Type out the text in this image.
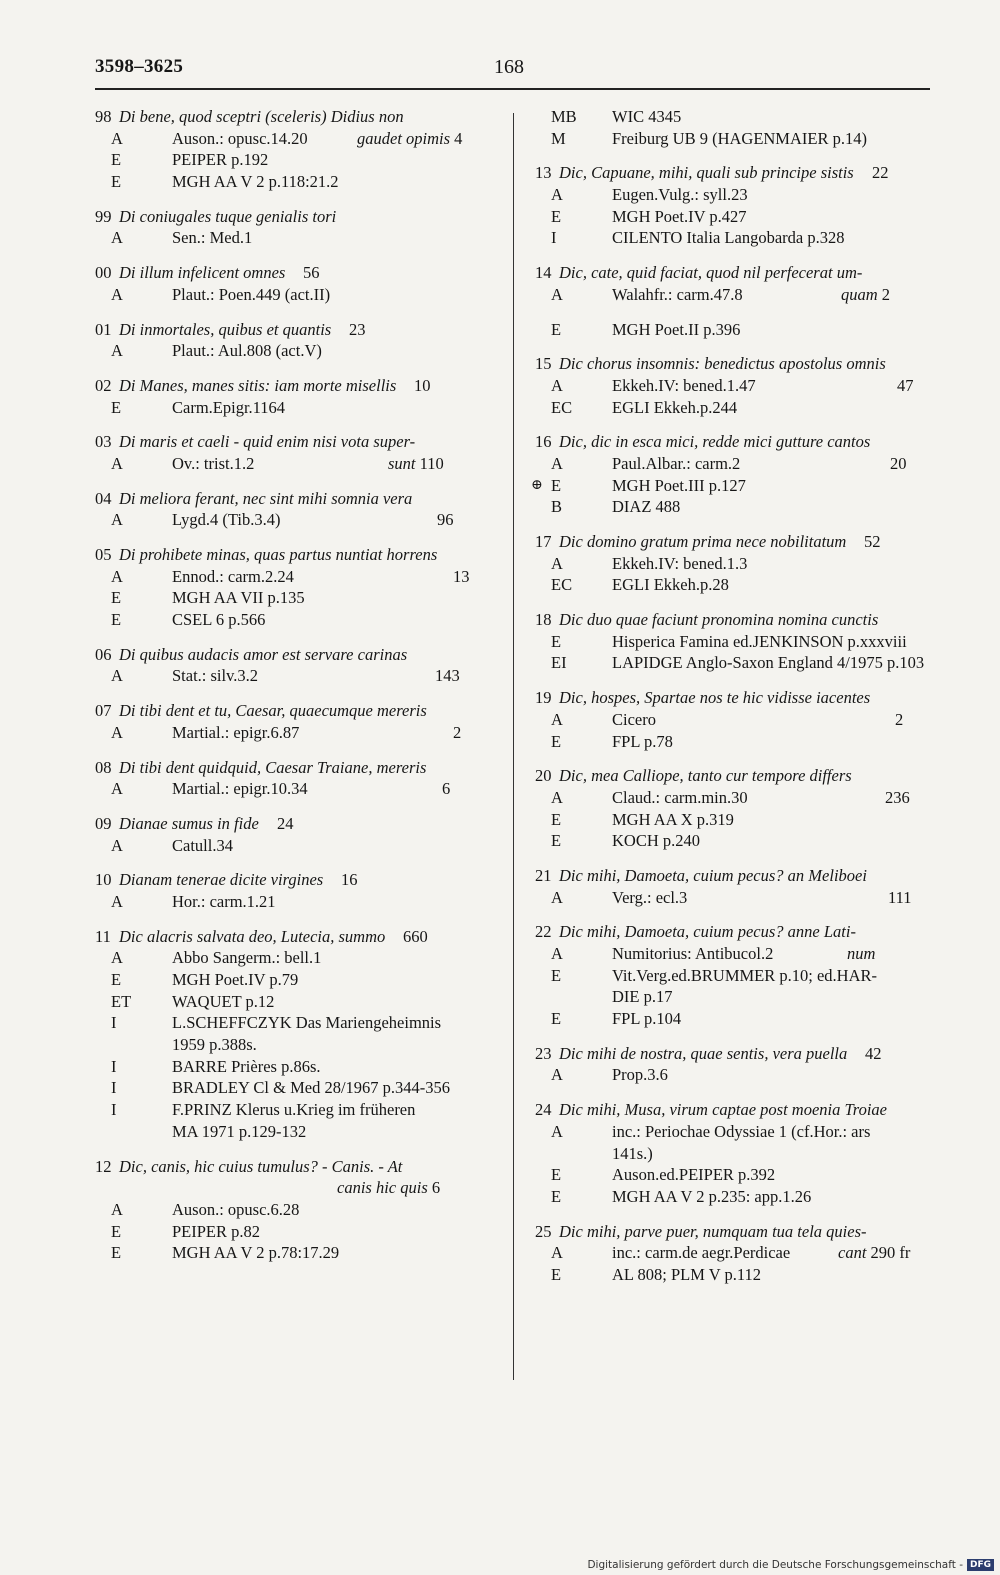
3598–3625	168
98 Di bene, quod sceptri (sceleris) Didius non
A	Auson.: opusc.14.20	gaudet opimis 4
E	PEIPER p.192
E	MGH AA V 2 p.118:21.2
99 Di coniugales tuque genialis tori
A	Sen.: Med.1
00 Di illum infelicent omnes 56
A	Plaut.: Poen.449 (act.II)
01 Di inmortales, quibus et quantis 23
A	Plaut.: Aul.808 (act.V)
02 Di Manes, manes sitis: iam morte misellis 10
E	Carm.Epigr.1164
03 Di maris et caeli - quid enim nisi vota super-
A	Ov.: trist.1.2	sunt 110
04 Di meliora ferant, nec sint mihi somnia vera
A	Lygd.4 (Tib.3.4)	96
05 Di prohibete minas, quas partus nuntiat horrens
A	Ennod.: carm.2.24	13
E	MGH AA VII p.135
E	CSEL 6 p.566
06 Di quibus audacis amor est servare carinas
A	Stat.: silv.3.2	143
07 Di tibi dent et tu, Caesar, quaecumque mereris
A	Martial.: epigr.6.87	2
08 Di tibi dent quidquid, Caesar Traiane, mereris
A	Martial.: epigr.10.34	6
09 Dianae sumus in fide 24
A	Catull.34
10 Dianam tenerae dicite virgines 16
A	Hor.: carm.1.21
11 Dic alacris salvata deo, Lutecia, summo 660
A	Abbo Sangerm.: bell.1
E	MGH Poet.IV p.79
ET WAQUET p.12
I	L.SCHEFFCZYK Das Mariengeheimnis
1959 p.388s.
I	BARRE Prières p.86s.
I	BRADLEY Cl & Med 28/1967 p.344-356
I	F.PRINZ Klerus u.Krieg im früheren
MA 1971 p.129-132
12 Dic, canis, hic cuius tumulus? - Canis. - At
canis hic quis 6
A	Auson.: opusc.6.28
E	PEIPER p.82
E	MGH AA V 2 p.78:17.29
MB WIC 4345
M	Freiburg UB 9 (HAGENMAIER p.14)
13 Dic, Capuane, mihi, quali sub principe sistis 22
A	Eugen.Vulg.: syll.23
E	MGH Poet.IV p.427
I	CILENTO Italia Langobarda p.328
14 Dic, cate, quid faciat, quod nil perfecerat um-
A	Walahfr.: carm.47.8	quam 2
E	MGH Poet.II p.396
15 Dic chorus insomnis: benedictus apostolus omnis
A	Ekkeh.IV: bened.1.47	47
EC EGLI Ekkeh.p.244
16 Dic, dic in esca mici, redde mici gutture cantos
A	Paul.Albar.: carm.2	20
⊕ E	MGH Poet.III p.127
B	DIAZ 488
17 Dic domino gratum prima nece nobilitatum 52
A	Ekkeh.IV: bened.1.3
EC EGLI Ekkeh.p.28
18 Dic duo quae faciunt pronomina nomina cunctis
E	Hisperica Famina ed.JENKINSON p.xxxviii
EI	LAPIDGE Anglo-Saxon England 4/1975 p.103
19 Dic, hospes, Spartae nos te hic vidisse iacentes
A	Cicero	2
E	FPL p.78
20 Dic, mea Calliope, tanto cur tempore differs
A	Claud.: carm.min.30	236
E	MGH AA X p.319
E	KOCH p.240
21 Dic mihi, Damoeta, cuium pecus? an Meliboei
A	Verg.: ecl.3	111
22 Dic mihi, Damoeta, cuium pecus? anne Lati-
A	Numitorius: Antibucol.2	num
E	Vit.Verg.ed.BRUMMER p.10; ed.HAR-
DIE p.17
E	FPL p.104
23 Dic mihi de nostra, quae sentis, vera puella 42
A	Prop.3.6
24 Dic mihi, Musa, virum captae post moenia Troiae
A	inc.: Periochae Odyssiae 1 (cf.Hor.: ars
141s.)
E	Auson.ed.PEIPER p.392
E	MGH AA V 2 p.235: app.1.26
25 Dic mihi, parve puer, numquam tua tela quies-
A	inc.: carm.de aegr.Perdicae	cant 290 fr
E	AL 808; PLM V p.112
Digitalisierung gefördert durch die Deutsche Forschungsgemeinschaft - DFG
